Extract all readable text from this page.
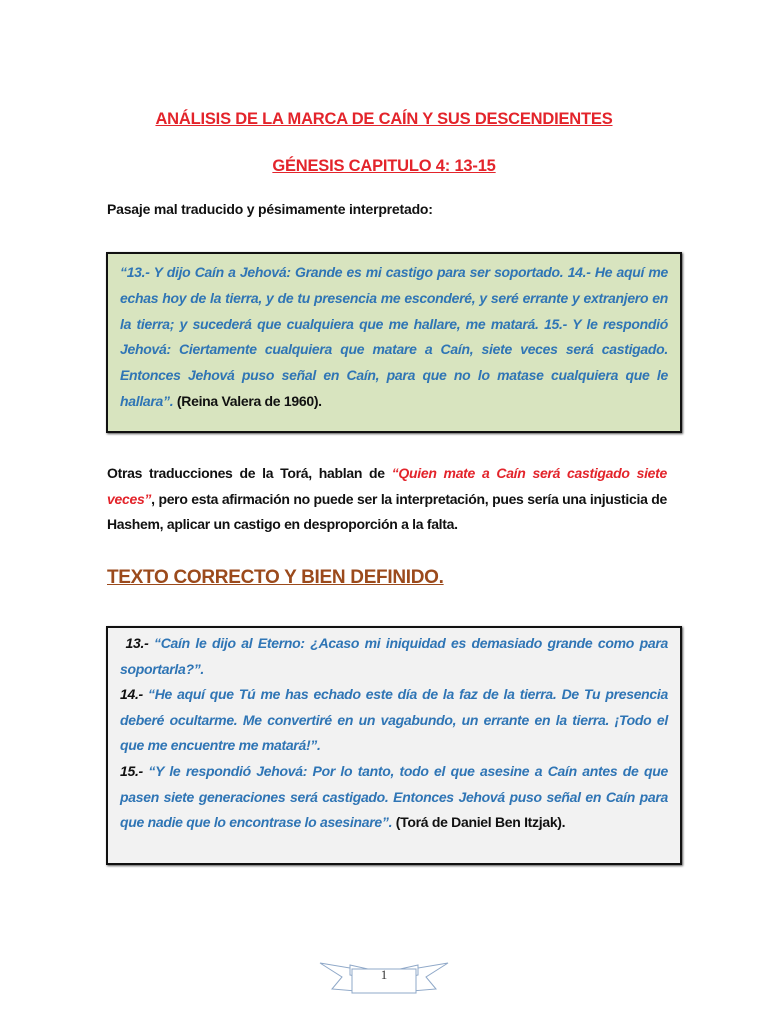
ANÁLISIS DE LA MARCA DE CAÍN Y SUS DESCENDIENTES
GÉNESIS CAPITULO 4: 13-15
Pasaje mal traducido y pésimamente interpretado:
“13.- Y dijo Caín a Jehová: Grande es mi castigo para ser soportado. 14.- He aquí me echas hoy de la tierra, y de tu presencia me esconderé, y seré errante y extranjero en la tierra; y sucederá que cualquiera que me hallare, me matará. 15.- Y le respondió Jehová: Ciertamente cualquiera que matare a Caín, siete veces será castigado. Entonces Jehová puso señal en Caín, para que no lo matase cualquiera que le hallara”. (Reina Valera de 1960).
Otras traducciones de la Torá, hablan de “Quien mate a Caín será castigado siete veces”, pero esta afirmación no puede ser la interpretación, pues sería una injusticia de Hashem, aplicar un castigo en desproporción a la falta.
TEXTO CORRECTO Y BIEN DEFINIDO.
13.- “Caín le dijo al Eterno: ¿Acaso mi iniquidad es demasiado grande como para soportarla?”.
14.- “He aquí que Tú me has echado este día de la faz de la tierra. De Tu presencia deberé ocultarme. Me convertiré en un vagabundo, un errante en la tierra. ¡Todo el que me encuentre me matará!”.
15.- “Y le respondió Jehová: Por lo tanto, todo el que asesine a Caín antes de que pasen siete generaciones será castigado. Entonces Jehová puso señal en Caín para que nadie que lo encontrase lo asesinare”. (Torá de Daniel Ben Itzjak).
1
